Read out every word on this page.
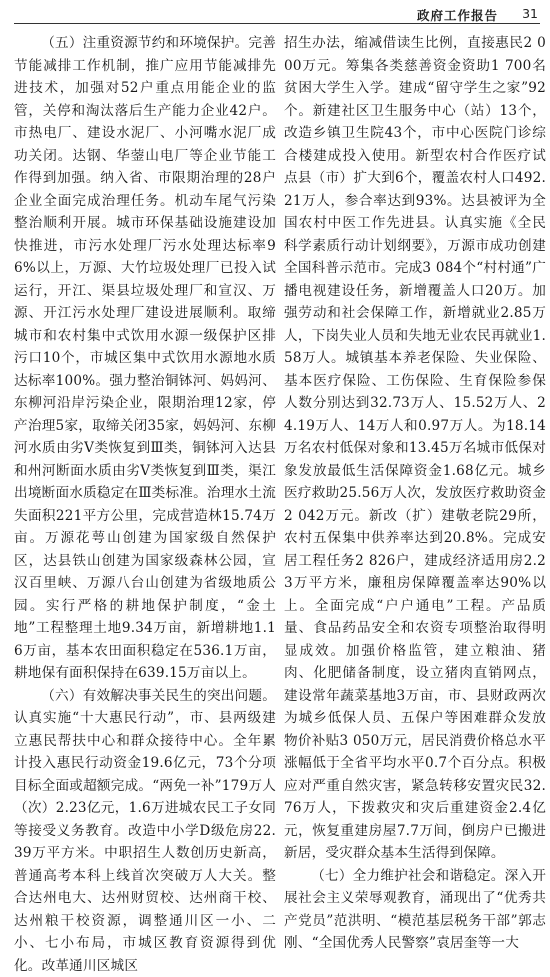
政府工作报告 31

（五）注重资源节约和环境保护。完善节能减排工作机制，推广应用节能减排先进技术，加强对52户重点用能企业的监管，关停和淘汰落后生产能力企业42户。市热电厂、建设水泥厂、小河嘴水泥厂成功关闭。达钢、华蓥山电厂等企业节能工作得到加强。纳入省、市限期治理的28户企业全面完成治理任务。机动车尾气污染整治顺利开展。城市环保基础设施建设加快推进，市污水处理厂污水处理达标率96%以上，万源、大竹垃圾处理厂已投入试运行，开江、渠县垃圾处理厂和宣汉、万源、开江污水处理厂建设进展顺利。取缔城市和农村集中式饮用水源一级保护区排污口10个，市城区集中式饮用水源地水质达标率100%。强力整治铜钵河、妈妈河、东柳河沿岸污染企业，限期治理12家，停产治理5家，取缔关闭35家，妈妈河、东柳河水质由劣Ⅴ类恢复到Ⅲ类，铜钵河入达县和州河断面水质由劣Ⅴ类恢复到Ⅲ类，渠江出境断面水质稳定在Ⅲ类标准。治理水土流失面积221平方公里，完成营造林15.74万亩。万源花萼山创建为国家级自然保护区，达县铁山创建为国家级森林公园，宣汉百里峡、万源八台山创建为省级地质公园。实行严格的耕地保护制度，“金土地”工程整理土地9.34万亩，新增耕地1.16万亩，基本农田面积稳定在536.1万亩，耕地保有面积保持在639.15万亩以上。

（六）有效解决事关民生的突出问题。认真实施“十大惠民行动”，市、县两级建立惠民帮扶中心和群众接待中心。全年累计投入惠民行动资金19.6亿元，73个分项目标全面或超额完成。“两免一补”179万人（次）2.23亿元，1.6万进城农民工子女同等接受义务教育。改造中小学D级危房22.39万平方米。中职招生人数创历史新高，普通高考本科上线首次突破万人大关。整合达州电大、达州财贸校、达州商干校、达州粮干校资源，调整通川区一小、二小、七小布局，市城区教育资源得到优化。改革通川区城区

招生办法，缩减借读生比例，直接惠民2 000万元。筹集各类慈善资金资助1 700名贫困大学生入学。建成“留守学生之家”92个。新建社区卫生服务中心（站）13个，改造乡镇卫生院43个，市中心医院门诊综合楼建成投入使用。新型农村合作医疗试点县（市）扩大到6个，覆盖农村人口492.21万人，参合率达到93%。达县被评为全国农村中医工作先进县。认真实施《全民科学素质行动计划纲要》，万源市成功创建全国科普示范市。完成3 084个“村村通”广播电视建设任务，新增覆盖人口20万。加强劳动和社会保障工作，新增就业2.85万人，下岗失业人员和失地无业农民再就业1.58万人。城镇基本养老保险、失业保险、基本医疗保险、工伤保险、生育保险参保人数分别达到32.73万人、15.52万人、24.19万人、14万人和0.97万人。为18.14万名农村低保对象和13.45万名城市低保对象发放最低生活保障资金1.68亿元。城乡医疗救助25.56万人次，发放医疗救助资金2 042万元。新改（扩）建敬老院29所，农村五保集中供养率达到20.8%。完成安居工程任务2 826户，建成经济适用房2.23万平方米，廉租房保障覆盖率达90%以上。全面完成“户户通电”工程。产品质量、食品药品安全和农资专项整治取得明显成效。加强价格监管，建立粮油、猪肉、化肥储备制度，设立猪肉直销网点，建设常年蔬菜基地3万亩，市、县财政两次为城乡低保人员、五保户等困难群众发放物价补贴3 050万元，居民消费价格总水平涨幅低于全省平均水平0.7个百分点。积极应对严重自然灾害，紧急转移安置灾民32.76万人，下拨救灾和灾后重建资金2.4亿元，恢复重建房屋7.7万间，倒房户已搬进新居，受灾群众基本生活得到保障。

（七）全力维护社会和谐稳定。深入开展社会主义荣辱观教育，涌现出了“优秀共产党员”范洪明、“模范基层税务干部”郭志刚、“全国优秀人民警察”袁居奎等一大
